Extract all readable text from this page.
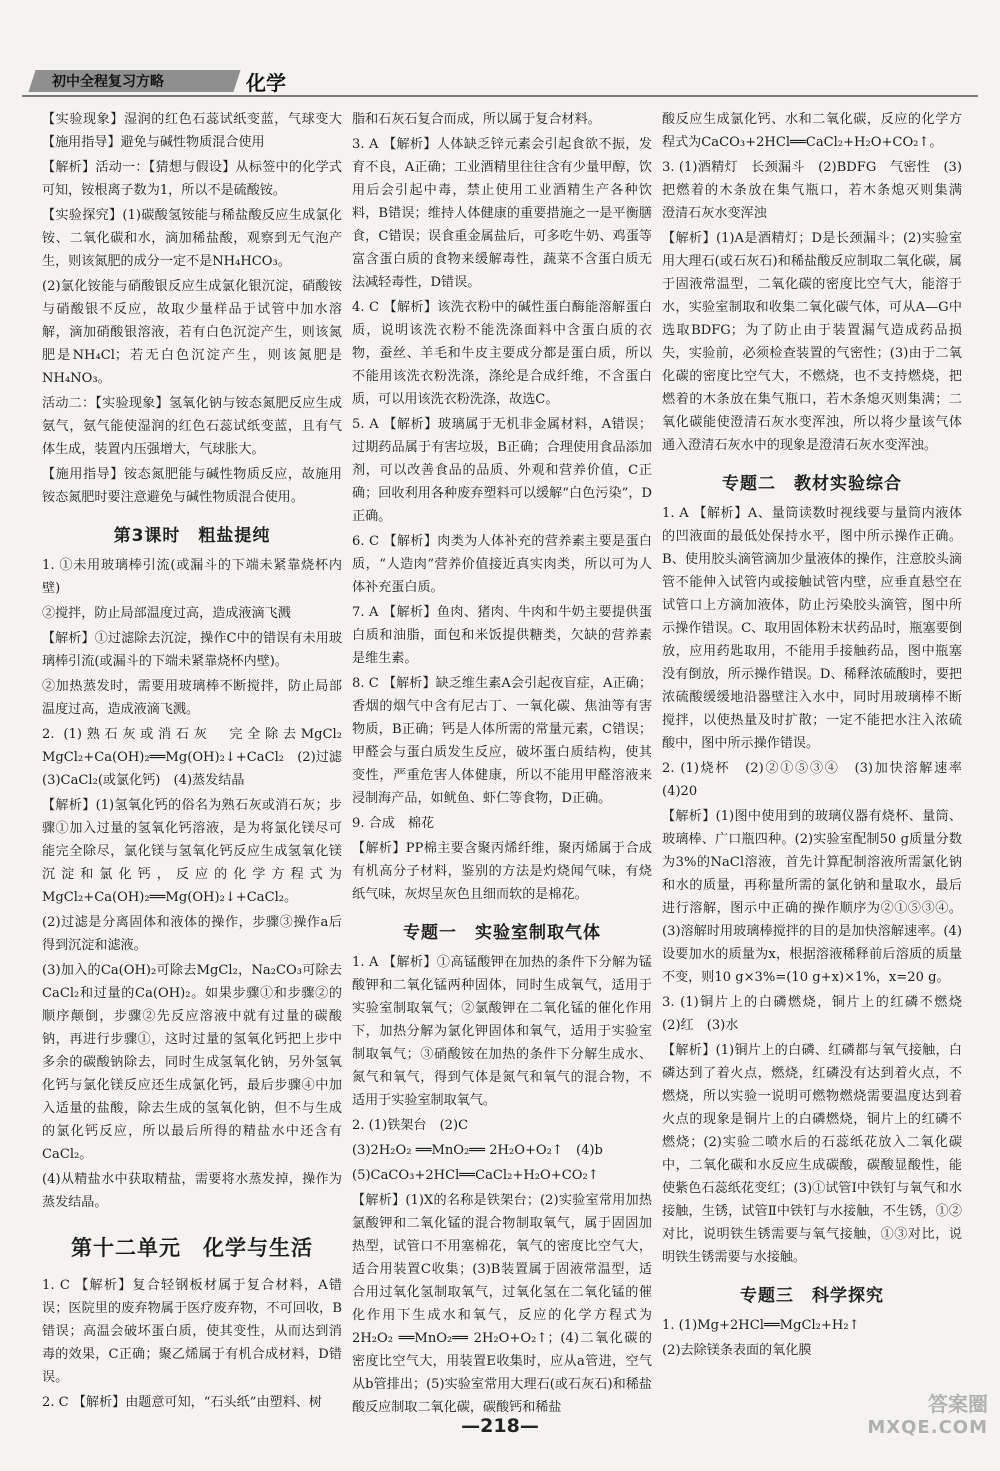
初中全程复习方略	化学
【实验现象】湿润的红色石蕊试纸变蓝，气球变大 【施用指导】避免与碱性物质混合使用
【解析】活动一：【猜想与假设】从标签中的化学式可知，铵根离子数为1，所以不是硫酸铵。
【实验探究】(1)碳酸氢铵能与稀盐酸反应生成氯化铵、二氧化碳和水，滴加稀盐酸，观察到无气泡产生，则该氮肥的成分一定不是NH₄HCO₃。
(2)氯化铵能与硝酸银反应生成氯化银沉淀，硝酸铵与硝酸银不反应，故取少量样品于试管中加水溶解，滴加硝酸银溶液，若有白色沉淀产生，则该氮肥是NH₄Cl；若无白色沉淀产生，则该氮肥是NH₄NO₃。
活动二：【实验现象】氢氧化钠与铵态氮肥反应生成氨气，氨气能使湿润的红色石蕊试纸变蓝，且有气体生成，装置内压强增大，气球胀大。
【施用指导】铵态氮肥能与碱性物质反应，故施用铵态氮肥时要注意避免与碱性物质混合使用。
第3课时　粗盐提纯
1. ①未用玻璃棒引流(或漏斗的下端未紧靠烧杯内壁)
②搅拌，防止局部温度过高，造成液滴飞溅
【解析】①过滤除去沉淀，操作C中的错误有未用玻璃棒引流(或漏斗的下端未紧靠烧杯内壁)。
②加热蒸发时，需要用玻璃棒不断搅拌，防止局部温度过高，造成液滴飞溅。
2. (1)熟石灰或消石灰　完全除去MgCl₂　MgCl₂+Ca(OH)₂══Mg(OH)₂↓+CaCl₂　(2)过滤　(3)CaCl₂(或氯化钙)　(4)蒸发结晶
【解析】(1)氢氧化钙的俗名为熟石灰或消石灰；步骤①加入过量的氢氧化钙溶液，是为将氯化镁尽可能完全除尽，氯化镁与氢氧化钙反应生成氢氧化镁沉淀和氯化钙，反应的化学方程式为MgCl₂+Ca(OH)₂══Mg(OH)₂↓+CaCl₂。
(2)过滤是分离固体和液体的操作，步骤③操作a后得到沉淀和滤液。
(3)加入的Ca(OH)₂可除去MgCl₂，Na₂CO₃可除去CaCl₂和过量的Ca(OH)₂。如果步骤①和步骤②的顺序颠倒，步骤②先反应溶液中就有过量的碳酸钠，再进行步骤①，这时过量的氢氧化钙把上步中多余的碳酸钠除去，同时生成氢氧化钠，另外氢氧化钙与氯化镁反应还生成氯化钙，最后步骤④中加入适量的盐酸，除去生成的氢氧化钠，但不与生成的氯化钙反应，所以最后所得的精盐水中还含有CaCl₂。
(4)从精盐水中获取精盐，需要将水蒸发掉，操作为蒸发结晶。
第十二单元　化学与生活
1. C 【解析】复合轻钢板材属于复合材料，A错误；医院里的废弃物属于医疗废弃物，不可回收，B错误；高温会破坏蛋白质，使其变性，从而达到消毒的效果，C正确；聚乙烯属于有机合成材料，D错误。
2. C 【解析】由题意可知，“石头纸”由塑料、树
脂和石灰石复合而成，所以属于复合材料。
3. A 【解析】人体缺乏锌元素会引起食欲不振，发育不良，A正确；工业酒精里往往含有少量甲醇，饮用后会引起中毒，禁止使用工业酒精生产各种饮料，B错误；维持人体健康的重要措施之一是平衡膳食，C错误；误食重金属盐后，可多吃牛奶、鸡蛋等富含蛋白质的食物来缓解毒性，蔬菜不含蛋白质无法减轻毒性，D错误。
4. C 【解析】该洗衣粉中的碱性蛋白酶能溶解蛋白质，说明该洗衣粉不能洗涤面料中含蛋白质的衣物，蚕丝、羊毛和牛皮主要成分都是蛋白质，所以不能用该洗衣粉洗涤，涤纶是合成纤维，不含蛋白质，可以用该洗衣粉洗涤，故选C。
5. A 【解析】玻璃属于无机非金属材料，A错误；过期药品属于有害垃圾，B正确；合理使用食品添加剂，可以改善食品的品质、外观和营养价值，C正确；回收利用各种废弃塑料可以缓解“白色污染”，D正确。
6. C 【解析】肉类为人体补充的营养素主要是蛋白质，“人造肉”营养价值接近真实肉类，所以可为人体补充蛋白质。
7. A 【解析】鱼肉、猪肉、牛肉和牛奶主要提供蛋白质和油脂，面包和米饭提供糖类，欠缺的营养素是维生素。
8. C 【解析】缺乏维生素A会引起夜盲症，A正确；香烟的烟气中含有尼古丁、一氧化碳、焦油等有害物质，B正确；钙是人体所需的常量元素，C错误；甲醛会与蛋白质发生反应，破坏蛋白质结构，使其变性，严重危害人体健康，所以不能用甲醛溶液来浸制海产品，如鱿鱼、虾仁等食物，D正确。
9. 合成　棉花
【解析】PP棉主要含聚丙烯纤维，聚丙烯属于合成有机高分子材料，鉴别的方法是灼烧闻气味，有烧纸气味，灰烬呈灰色且细而软的是棉花。
专题一　实验室制取气体
1. A 【解析】①高锰酸钾在加热的条件下分解为锰酸钾和二氧化锰两种固体，同时生成氧气，适用于实验室制取氧气；②氯酸钾在二氧化锰的催化作用下，加热分解为氯化钾固体和氧气，适用于实验室制取氧气；③硝酸铵在加热的条件下分解生成水、氮气和氧气，得到气体是氮气和氧气的混合物，不适用于实验室制取氧气。
2. (1)铁架台　(2)C
(3)2H₂O₂ ══MnO₂══ 2H₂O+O₂↑　(4)b
(5)CaCO₃+2HCl══CaCl₂+H₂O+CO₂↑
【解析】(1)X的名称是铁架台；(2)实验室常用加热氯酸钾和二氧化锰的混合物制取氧气，属于固固加热型，试管口不用塞棉花，氧气的密度比空气大，适合用装置C收集；(3)B装置属于固液常温型，适合用过氧化氢制取氧气，过氧化氢在二氧化锰的催化作用下生成水和氧气，反应的化学方程式为2H₂O₂ ══MnO₂══ 2H₂O+O₂↑；(4)二氧化碳的密度比空气大，用装置E收集时，应从a管进，空气从b管排出；(5)实验室常用大理石(或石灰石)和稀盐酸反应制取二氧化碳，碳酸钙和稀盐
酸反应生成氯化钙、水和二氧化碳，反应的化学方程式为CaCO₃+2HCl══CaCl₂+H₂O+CO₂↑。
3. (1)酒精灯　长颈漏斗　(2)BDFG　气密性　(3)把燃着的木条放在集气瓶口，若木条熄灭则集满　澄清石灰水变浑浊
【解析】(1)A是酒精灯；D是长颈漏斗；(2)实验室用大理石(或石灰石)和稀盐酸反应制取二氧化碳，属于固液常温型，二氧化碳的密度比空气大，能溶于水，实验室制取和收集二氧化碳气体，可从A—G中选取BDFG；为了防止由于装置漏气造成药品损失，实验前，必须检查装置的气密性；(3)由于二氧化碳的密度比空气大，不燃烧，也不支持燃烧，把燃着的木条放在集气瓶口，若木条熄灭则集满；二氧化碳能使澄清石灰水变浑浊，所以将少量该气体通入澄清石灰水中的现象是澄清石灰水变浑浊。
专题二　教材实验综合
1. A 【解析】A、量筒读数时视线要与量筒内液体的凹液面的最低处保持水平，图中所示操作正确。B、使用胶头滴管滴加少量液体的操作，注意胶头滴管不能伸入试管内或接触试管内壁，应垂直悬空在试管口上方滴加液体，防止污染胶头滴管，图中所示操作错误。C、取用固体粉末状药品时，瓶塞要倒放，应用药匙取用，不能用手接触药品，图中瓶塞没有倒放，所示操作错误。D、稀释浓硫酸时，要把浓硫酸缓缓地沿器壁注入水中，同时用玻璃棒不断搅拌，以使热量及时扩散；一定不能把水注入浓硫酸中，图中所示操作错误。
2. (1)烧杯　(2)②①⑤③④　(3)加快溶解速率　(4)20
【解析】(1)图中使用到的玻璃仪器有烧杯、量筒、玻璃棒、广口瓶四种。(2)实验室配制50 g质量分数为3%的NaCl溶液，首先计算配制溶液所需氯化钠和水的质量，再称量所需的氯化钠和量取水，最后进行溶解，图示中正确的操作顺序为②①⑤③④。(3)溶解时用玻璃棒搅拌的目的是加快溶解速率。(4)设要加水的质量为x，根据溶液稀释前后溶质的质量不变，则10 g×3%=(10 g+x)×1%，x=20 g。
3. (1)铜片上的白磷燃烧，铜片上的红磷不燃烧　(2)红　(3)水
【解析】(1)铜片上的白磷、红磷都与氧气接触，白磷达到了着火点，燃烧，红磷没有达到着火点，不燃烧，所以实验一说明可燃物燃烧需要温度达到着火点的现象是铜片上的白磷燃烧，铜片上的红磷不燃烧；(2)实验二喷水后的石蕊纸花放入二氧化碳中，二氧化碳和水反应生成碳酸，碳酸显酸性，能使紫色石蕊纸花变红；(3)①试管Ⅰ中铁钉与氧气和水接触，生锈，试管Ⅱ中铁钉与水接触，不生锈，①②对比，说明铁生锈需要与氧气接触，①③对比，说明铁生锈需要与水接触。
专题三　科学探究
1. (1)Mg+2HCl══MgCl₂+H₂↑
(2)去除镁条表面的氧化膜
—218—
答案圈
MXQE.COM
